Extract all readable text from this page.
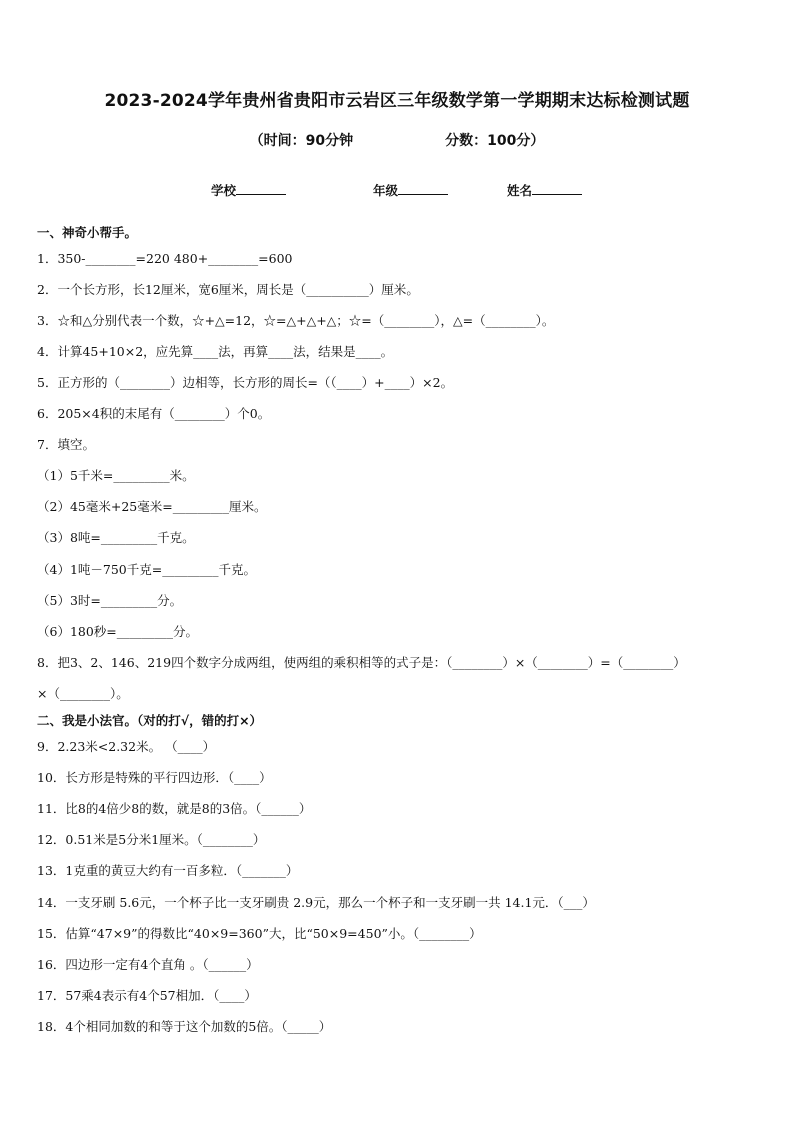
2023-2024学年贵州省贵阳市云岩区三年级数学第一学期期末达标检测试题
（时间：90分钟	分数：100分）
学校	年级	姓名
一、神奇小帮手。
1．350-________=220 480+________=600
2．一个长方形，长12厘米，宽6厘米，周长是（__________）厘米。
3．☆和△分别代表一个数，☆+△=12，☆=△+△+△；☆=（________），△=（________）。
4．计算45+10×2，应先算____法，再算____法，结果是____。
5．正方形的（________）边相等，长方形的周长=（（____）+____）×2。
6．205×4积的末尾有（________）个0。
7．填空。
（1）5千米=_________米。
（2）45毫米+25毫米=_________厘米。
（3）8吨=_________千克。
（4）1吨－750千克=_________千克。
（5）3时=_________分。
（6）180秒=_________分。
8．把3、2、146、219四个数字分成两组，使两组的乘积相等的式子是：（________）×（________）=（________）
×（________）。
二、我是小法官。（对的打√，错的打×）
9．2.23米<2.32米。 （____）
10．长方形是特殊的平行四边形．（____）
11．比8的4倍少8的数，就是8的3倍。（______）
12．0.51米是5分米1厘米。（________）
13．1克重的黄豆大约有一百多粒．（_______）
14．一支牙刷 5.6元，一个杯子比一支牙刷贵 2.9元，那么一个杯子和一支牙刷一共 14.1元．（___）
15．估算“47×9”的得数比“40×9=360”大，比“50×9=450”小。（________）
16．四边形一定有4个直角 。（______）
17．57乘4表示有4个57相加．（____）
18．4个相同加数的和等于这个加数的5倍。（_____）
